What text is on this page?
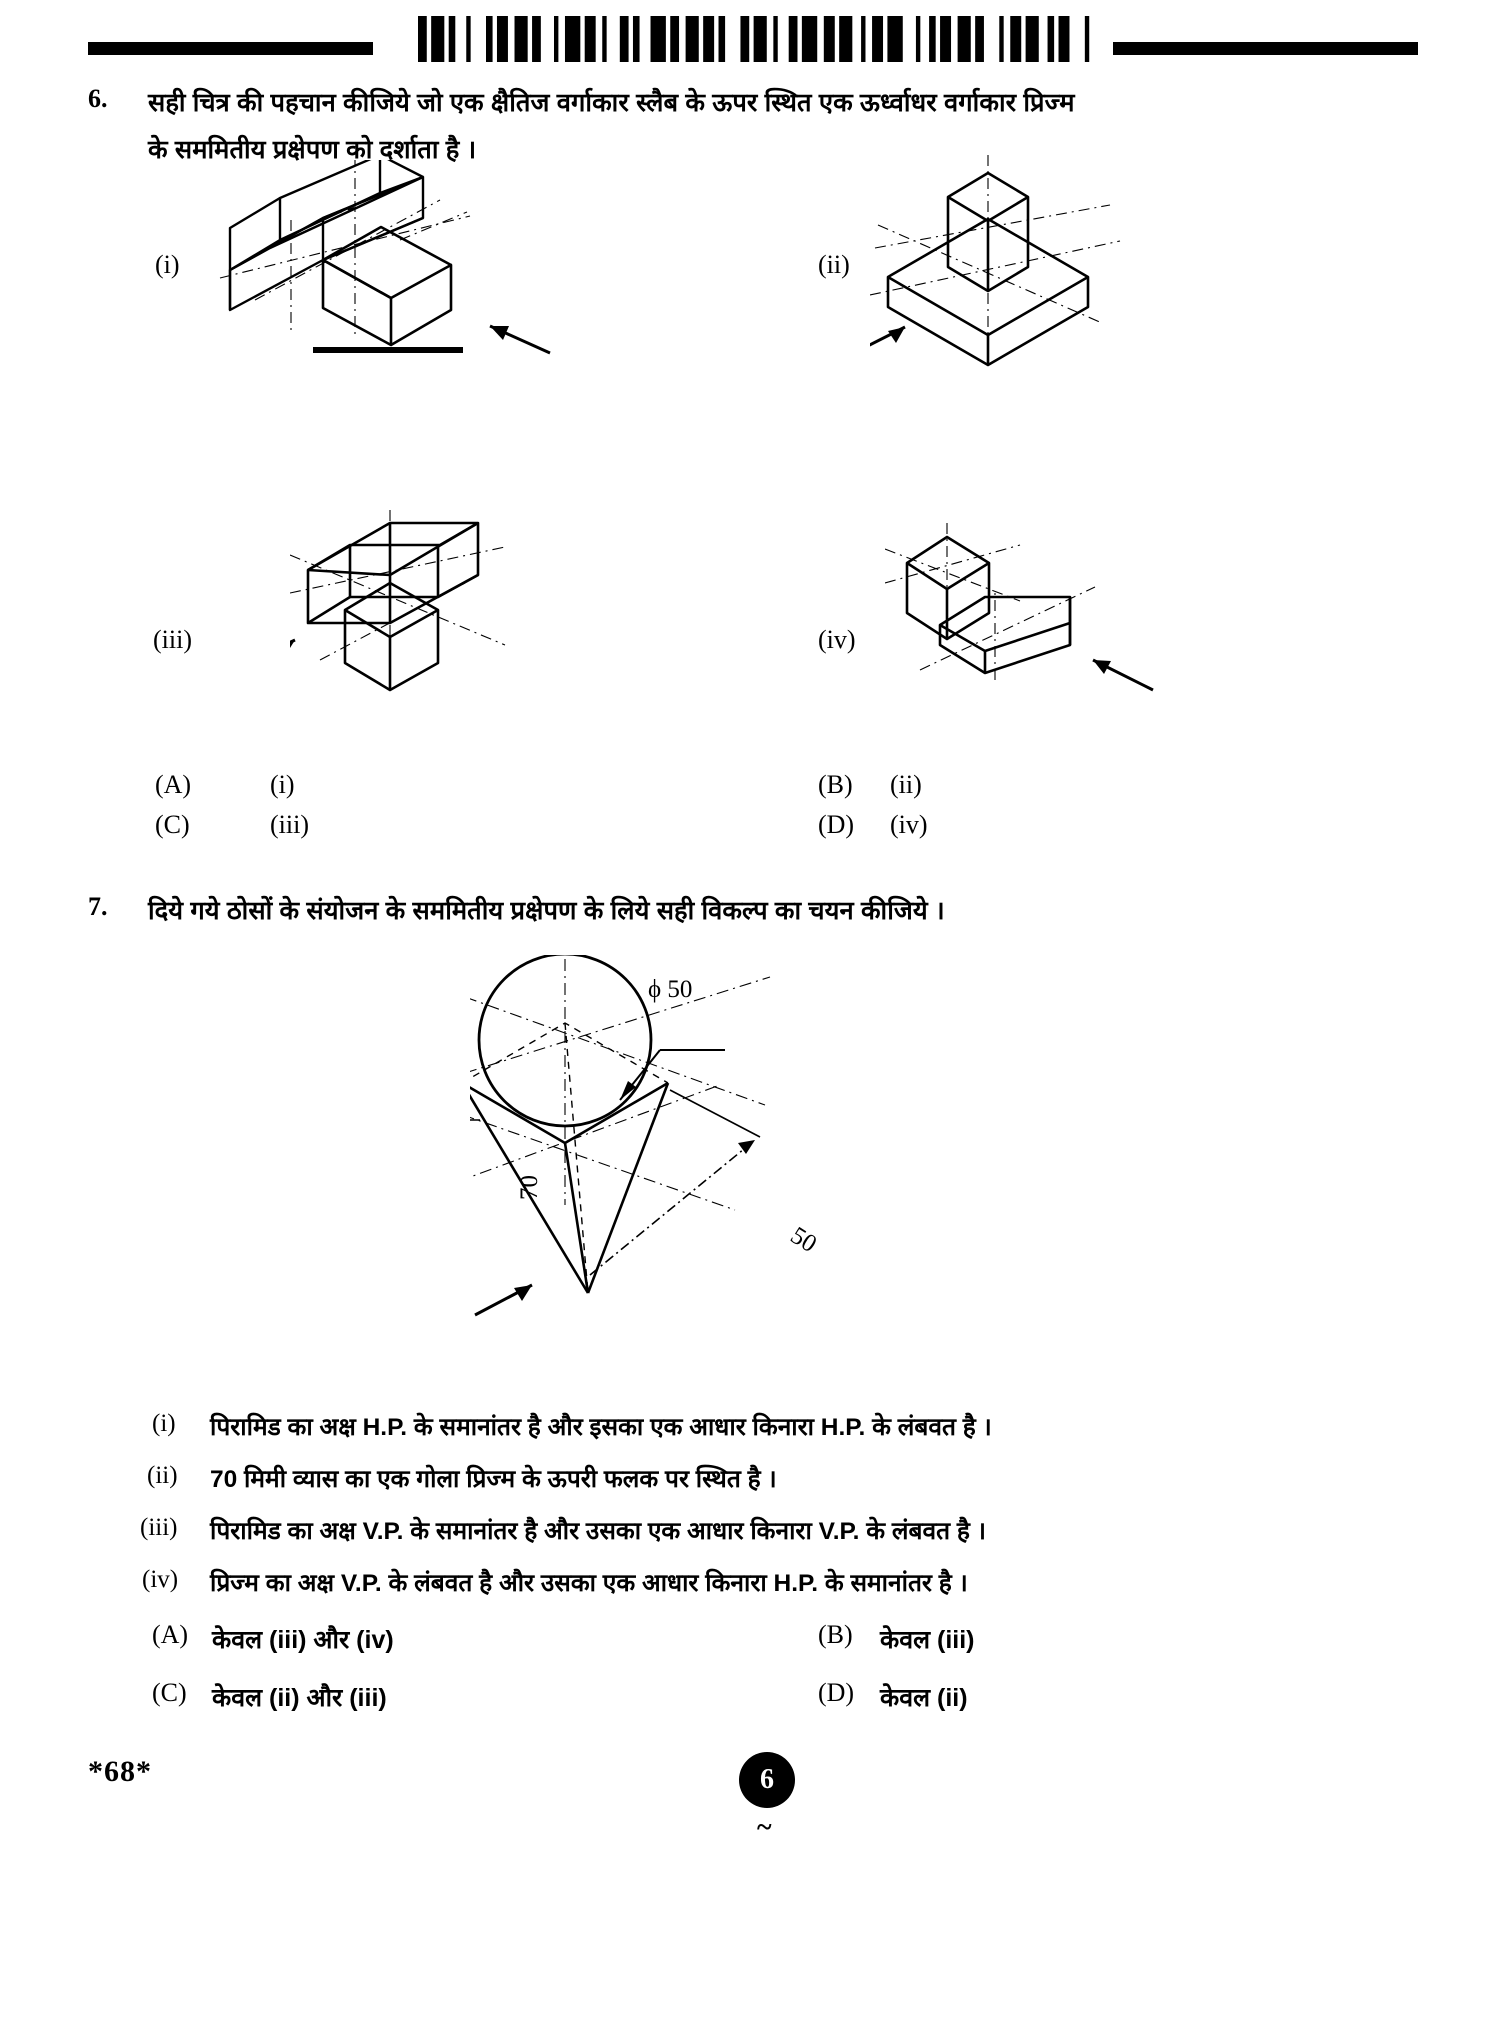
6. सही चित्र की पहचान कीजिये जो एक क्षैतिज वर्गाकार स्लैब के ऊपर स्थित एक ऊर्ध्वाधर वर्गाकार प्रिज्म
के सममितीय प्रक्षेपण को दर्शाता है ।
(i)	(ii)
(iii)	(iv)
(A)	(i)	(B) (ii)
(C)	(iii)	(D) (iv)
7. दिये गये ठोसों के संयोजन के सममितीय प्रक्षेपण के लिये सही विकल्प का चयन कीजिये ।
ϕ 50
70
50
(i) पिरामिड का अक्ष H.P. के समानांतर है और इसका एक आधार किनारा H.P. के लंबवत है ।
(ii) 70 मिमी व्यास का एक गोला प्रिज्म के ऊपरी फलक पर स्थित है ।
(iii) पिरामिड का अक्ष V.P. के समानांतर है और उसका एक आधार किनारा V.P. के लंबवत है ।
(iv) प्रिज्म का अक्ष V.P. के लंबवत है और उसका एक आधार किनारा H.P. के समानांतर है ।
(A) केवल (iii) और (iv)	(B) केवल (iii)
(C) केवल (ii) और (iii)	(D) केवल (ii)
*68*	6
~
